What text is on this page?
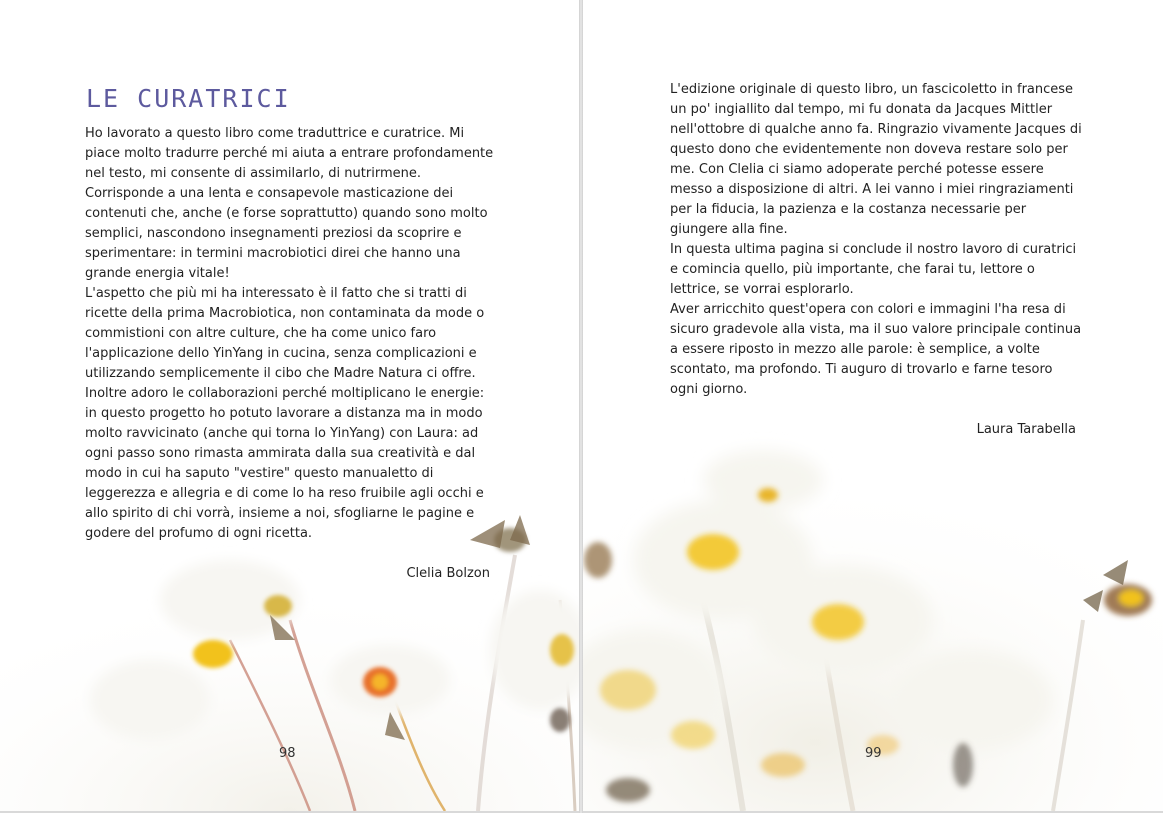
LE CURATRICI

Ho lavorato a questo libro come traduttrice e curatrice. Mi piace molto tradurre perché mi aiuta a entrare profondamente nel testo, mi consente di assimilarlo, di nutrirmene. Corrisponde a una lenta e consapevole masticazione dei contenuti che, anche (e forse soprattutto) quando sono molto semplici, nascondono insegnamenti preziosi da scoprire e sperimentare: in termini macrobiotici direi che hanno una grande energia vitale!

L'aspetto che più mi ha interessato è il fatto che si tratti di ricette della prima Macrobiotica, non contaminata da mode o commistioni con altre culture, che ha come unico faro l'applicazione dello YinYang in cucina, senza complicazioni e utilizzando semplicemente il cibo che Madre Natura ci offre.

Inoltre adoro le collaborazioni perché moltiplicano le energie: in questo progetto ho potuto lavorare a distanza ma in modo molto ravvicinato (anche qui torna lo YinYang) con Laura: ad ogni passo sono rimasta ammirata dalla sua creatività e dal modo in cui ha saputo "vestire" questo manualetto di leggerezza e allegria e di come lo ha reso fruibile agli occhi e allo spirito di chi vorrà, insieme a noi, sfogliarne le pagine e godere del profumo di ogni ricetta.

Clelia Bolzon

98

L'edizione originale di questo libro, un fascicoletto in francese un po' ingiallito dal tempo, mi fu donata da Jacques Mittler nell'ottobre di qualche anno fa. Ringrazio vivamente Jacques di questo dono che evidentemente non doveva restare solo per me. Con Clelia ci siamo adoperate perché potesse essere messo a disposizione di altri. A lei vanno i miei ringraziamenti per la fiducia, la pazienza e la costanza necessarie per giungere alla fine.

In questa ultima pagina si conclude il nostro lavoro di curatrici e comincia quello, più importante, che farai tu, lettore o lettrice, se vorrai esplorarlo.

Aver arricchito quest'opera con colori e immagini l'ha resa di sicuro gradevole alla vista, ma il suo valore principale continua a essere riposto in mezzo alle parole: è semplice, a volte scontato, ma profondo. Ti auguro di trovarlo e farne tesoro ogni giorno.

Laura Tarabella

99
